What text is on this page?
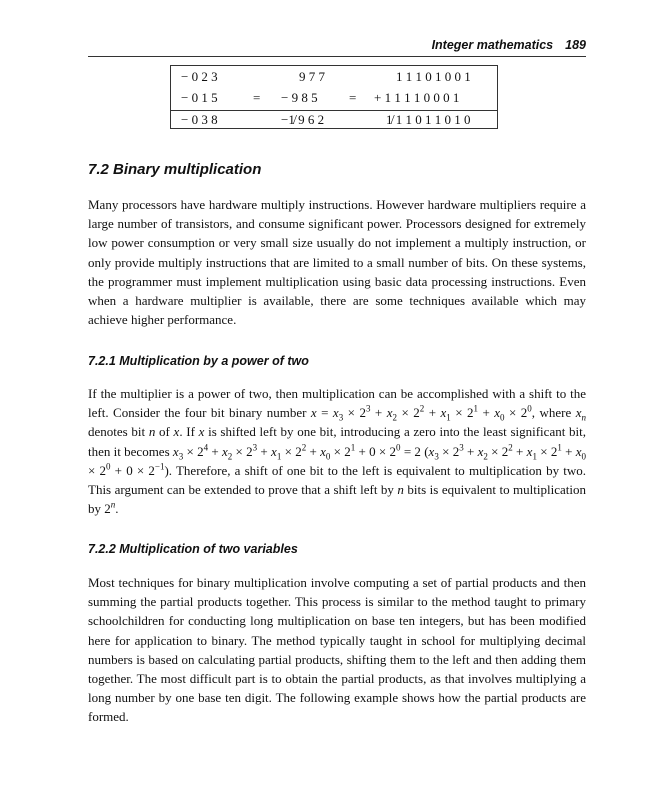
Integer mathematics 189
− 0 2 3	9 7 7	1 1 1 0 1 0 0 1
− 0 1 5	= − 9 8 5 = + 1 1 1 1 0 0 0 1
− 0 3 8	−1̸ 9 6 2	1̸ 1 1 0 1 1 0 1 0
7.2 Binary multiplication

Many processors have hardware multiply instructions. However hardware multipliers require a large number of transistors, and consume significant power. Processors designed for extremely low power consumption or very small size usually do not implement a multiply instruction, or only provide multiply instructions that are limited to a small number of bits. On these systems, the programmer must implement multiplication using basic data processing instructions. Even when a hardware multiplier is available, there are some techniques available which may achieve higher performance.

7.2.1 Multiplication by a power of two

If the multiplier is a power of two, then multiplication can be accomplished with a shift to the left. Consider the four bit binary number $x = x_3 \times 2^3 + x_2 \times 2^2 + x_1 \times 2^1 + x_0 \times 2^0$, where $x_n$ denotes bit n of x. If x is shifted left by one bit, introducing a zero into the least significant bit, then it becomes $x_3 \times 2^4 + x_2 \times 2^3 + x_1 \times 2^2 + x_0 \times 2^1 + 0 \times 2^0 = 2$ $(x_3 \times 2^3 + x_2 \times 2^2 + x_1 \times 2^1 + x_0 \times 2^0 + 0 \times 2^{-1})$. Therefore, a shift of one bit to the left is equivalent to multiplication by two. This argument can be extended to prove that a shift left by n bits is equivalent to multiplication by 2$^n$.

7.2.2 Multiplication of two variables

Most techniques for binary multiplication involve computing a set of partial products and then summing the partial products together. This process is similar to the method taught to primary schoolchildren for conducting long multiplication on base ten integers, but has been modified here for application to binary. The method typically taught in school for multiplying decimal numbers is based on calculating partial products, shifting them to the left and then adding them together. The most difficult part is to obtain the partial products, as that involves multiplying a long number by one base ten digit. The following example shows how the partial products are formed.
